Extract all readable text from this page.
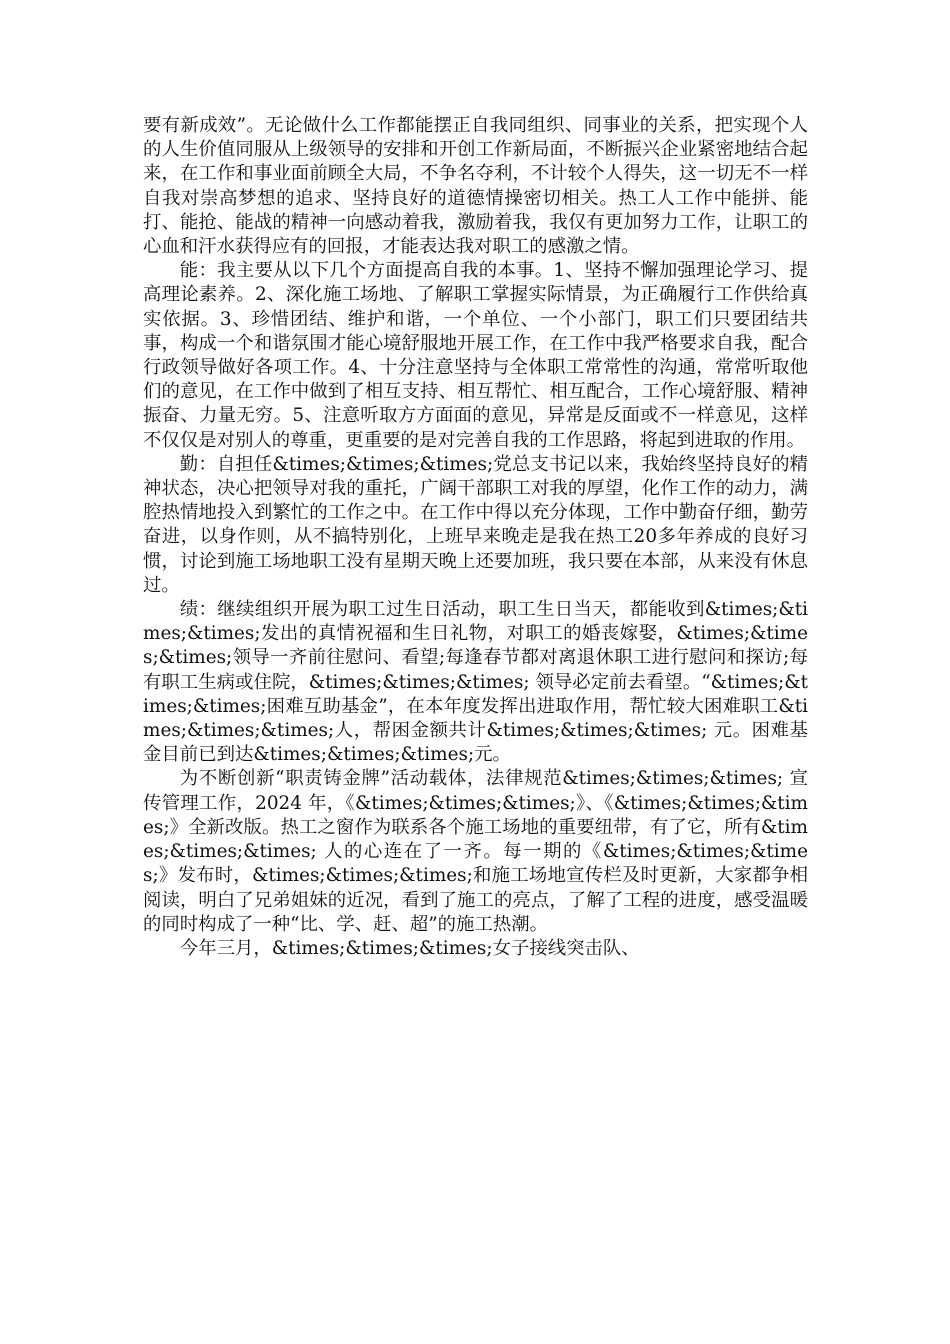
要有新成效”。无论做什么工作都能摆正自我同组织、同事业的关系，把实现个人的人生价值同服从上级领导的安排和开创工作新局面，不断振兴企业紧密地结合起来，在工作和事业面前顾全大局，不争名夺利，不计较个人得失，这一切无不一样自我对崇高梦想的追求、坚持良好的道德情操密切相关。热工人工作中能拼、能打、能抢、能战的精神一向感动着我，激励着我，我仅有更加努力工作，让职工的心血和汗水获得应有的回报，才能表达我对职工的感激之情。

能：我主要从以下几个方面提高自我的本事。1、坚持不懈加强理论学习、提高理论素养。2、深化施工场地、了解职工掌握实际情景，为正确履行工作供给真实依据。3、珍惜团结、维护和谐，一个单位、一个小部门，职工们只要团结共事，构成一个和谐氛围才能心境舒服地开展工作，在工作中我严格要求自我，配合行政领导做好各项工作。4、十分注意坚持与全体职工常常性的沟通，常常听取他们的意见，在工作中做到了相互支持、相互帮忙、相互配合，工作心境舒服、精神振奋、力量无穷。5、注意听取方方面面的意见，异常是反面或不一样意见，这样不仅仅是对别人的尊重，更重要的是对完善自我的工作思路，将起到进取的作用。

勤：自担任&times;&times;&times;党总支书记以来，我始终坚持良好的精神状态，决心把领导对我的重托，广阔干部职工对我的厚望，化作工作的动力，满腔热情地投入到繁忙的工作之中。在工作中得以充分体现，工作中勤奋仔细，勤劳奋进，以身作则，从不搞特别化，上班早来晚走是我在热工20多年养成的良好习惯，讨论到施工场地职工没有星期天晚上还要加班，我只要在本部，从来没有休息过。

绩：继续组织开展为职工过生日活动，职工生日当天，都能收到&times;&times;&times;发出的真情祝福和生日礼物，对职工的婚丧嫁娶，&times;&times;&times;领导一齐前往慰问、看望;每逢春节都对离退休职工进行慰问和探访;每有职工生病或住院，&times;&times;&times; 领导必定前去看望。“&times;&times;&times;困难互助基金”，在本年度发挥出进取作用，帮忙较大困难职工&times;&times;&times;人，帮困金额共计&times;&times;&times; 元。困难基金目前已到达&times;&times;&times;元。

为不断创新“职责铸金牌”活动载体，法律规范&times;&times;&times; 宣传管理工作，2024 年，《&times;&times;&times;》、《&times;&times;&times;》全新改版。热工之窗作为联系各个施工场地的重要纽带，有了它，所有&times;&times;&times; 人的心连在了一齐。每一期的《&times;&times;&times;》发布时，&times;&times;&times;和施工场地宣传栏及时更新，大家都争相阅读，明白了兄弟姐妹的近况，看到了施工的亮点，了解了工程的进度，感受温暖的同时构成了一种“比、学、赶、超”的施工热潮。

今年三月，&times;&times;&times;女子接线突击队、
